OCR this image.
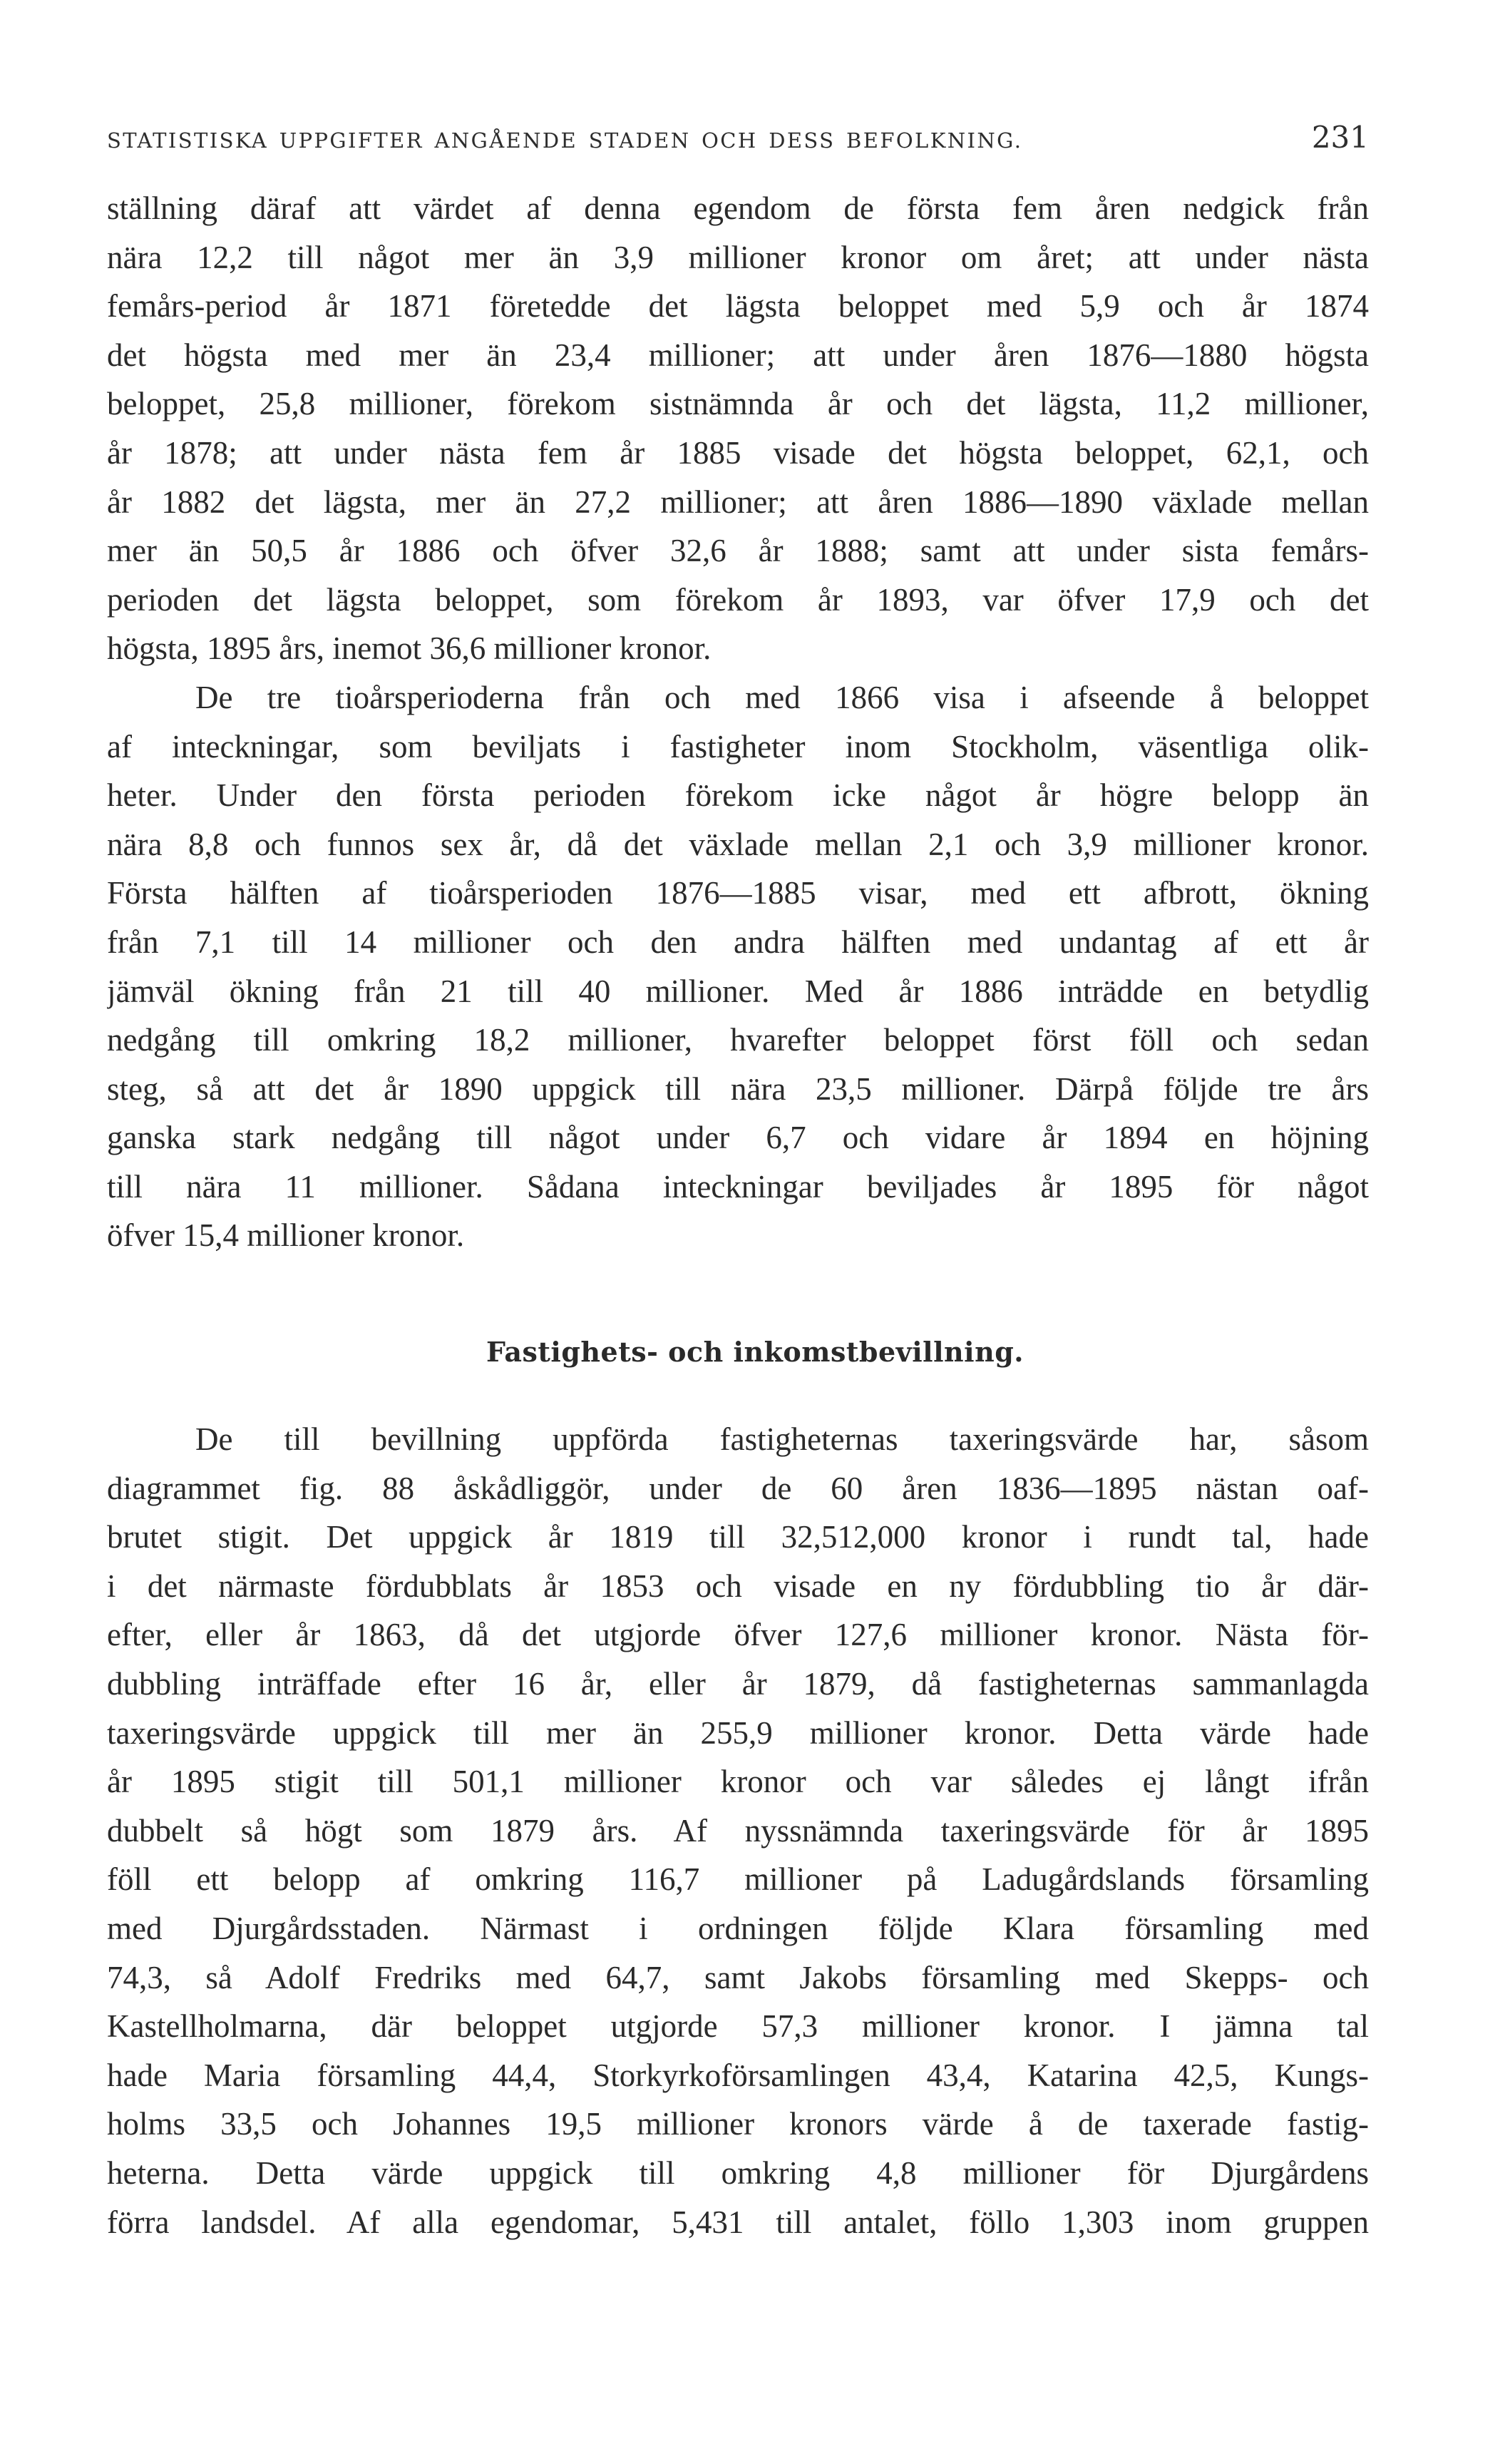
STATISTISKA UPPGIFTER ANGÅENDE STADEN OCH DESS BEFOLKNING.	231
ställning däraf att värdet af denna egendom de första fem åren nedgick från
nära 12,2 till något mer än 3,9 millioner kronor om året; att under nästa
femårs-period år 1871 företedde det lägsta beloppet med 5,9 och år 1874
det högsta med mer än 23,4 millioner; att under åren 1876—1880 högsta
beloppet, 25,8 millioner, förekom sistnämnda år och det lägsta, 11,2 millioner,
år 1878; att under nästa fem år 1885 visade det högsta beloppet, 62,1, och
år 1882 det lägsta, mer än 27,2 millioner; att åren 1886—1890 växlade mellan
mer än 50,5 år 1886 och öfver 32,6 år 1888; samt att under sista femårs-
perioden det lägsta beloppet, som förekom år 1893, var öfver 17,9 och det
högsta, 1895 års, inemot 36,6 millioner kronor.
De tre tioårsperioderna från och med 1866 visa i afseende å beloppet
af inteckningar, som beviljats i fastigheter inom Stockholm, väsentliga olik-
heter. Under den första perioden förekom icke något år högre belopp än
nära 8,8 och funnos sex år, då det växlade mellan 2,1 och 3,9 millioner kronor.
Första hälften af tioårsperioden 1876—1885 visar, med ett afbrott, ökning
från 7,1 till 14 millioner och den andra hälften med undantag af ett år
jämväl ökning från 21 till 40 millioner. Med år 1886 inträdde en betydlig
nedgång till omkring 18,2 millioner, hvarefter beloppet först föll och sedan
steg, så att det år 1890 uppgick till nära 23,5 millioner. Därpå följde tre års
ganska stark nedgång till något under 6,7 och vidare år 1894 en höjning
till nära 11 millioner. Sådana inteckningar beviljades år 1895 för något
öfver 15,4 millioner kronor.
Fastighets- och inkomstbevillning.
De till bevillning uppförda fastigheternas taxeringsvärde har, såsom
diagrammet fig. 88 åskådliggör, under de 60 åren 1836—1895 nästan oaf-
brutet stigit. Det uppgick år 1819 till 32,512,000 kronor i rundt tal, hade
i det närmaste fördubblats år 1853 och visade en ny fördubbling tio år där-
efter, eller år 1863, då det utgjorde öfver 127,6 millioner kronor. Nästa för-
dubbling inträffade efter 16 år, eller år 1879, då fastigheternas sammanlagda
taxeringsvärde uppgick till mer än 255,9 millioner kronor. Detta värde hade
år 1895 stigit till 501,1 millioner kronor och var således ej långt ifrån
dubbelt så högt som 1879 års. Af nyssnämnda taxeringsvärde för år 1895
föll ett belopp af omkring 116,7 millioner på Ladugårdslands församling
med Djurgårdsstaden. Närmast i ordningen följde Klara församling med
74,3, så Adolf Fredriks med 64,7, samt Jakobs församling med Skepps- och
Kastellholmarna, där beloppet utgjorde 57,3 millioner kronor. I jämna tal
hade Maria församling 44,4, Storkyrkoförsamlingen 43,4, Katarina 42,5, Kungs-
holms 33,5 och Johannes 19,5 millioner kronors värde å de taxerade fastig-
heterna. Detta värde uppgick till omkring 4,8 millioner för Djurgårdens
förra landsdel. Af alla egendomar, 5,431 till antalet, föllo 1,303 inom gruppen
